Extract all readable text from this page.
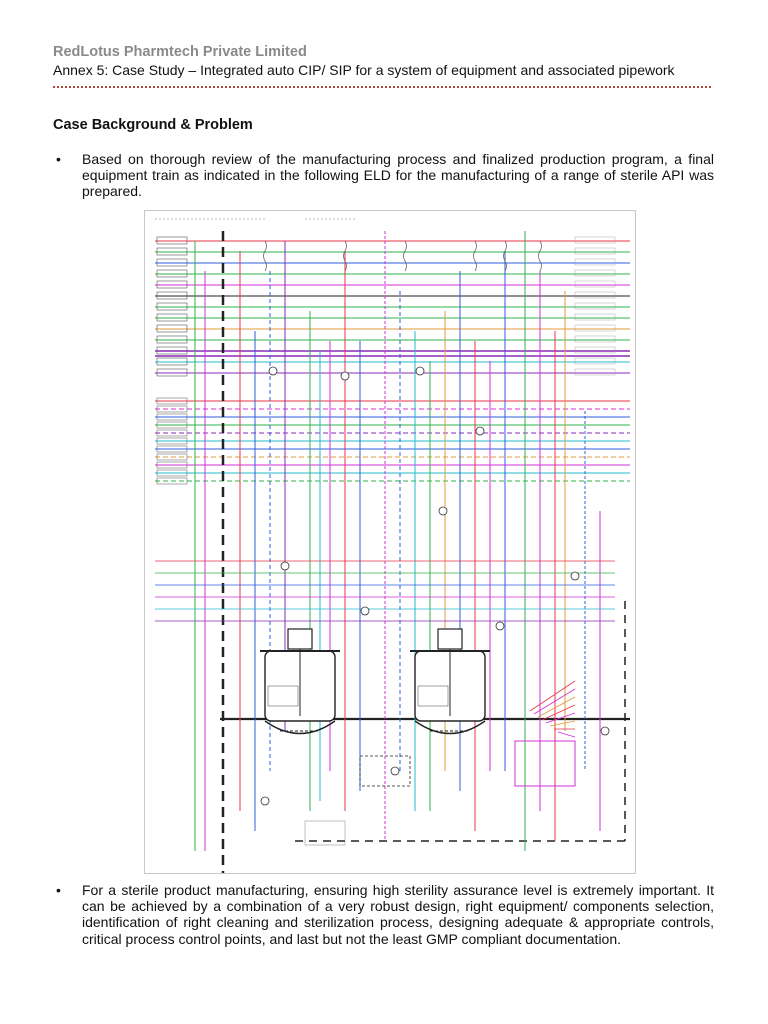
RedLotus Pharmtech Private Limited
Annex 5: Case Study – Integrated auto CIP/ SIP for a system of equipment and associated pipework
Case Background & Problem
• Based on thorough review of the manufacturing process and finalized production program, a final equipment train as indicated in the following ELD for the manufacturing of a range of sterile API was prepared.
• For a sterile product manufacturing, ensuring high sterility assurance level is extremely important. It can be achieved by a combination of a very robust design, right equipment/ components selection, identification of right cleaning and sterilization process, designing adequate & appropriate controls, critical process control points, and last but not the least GMP compliant documentation.
